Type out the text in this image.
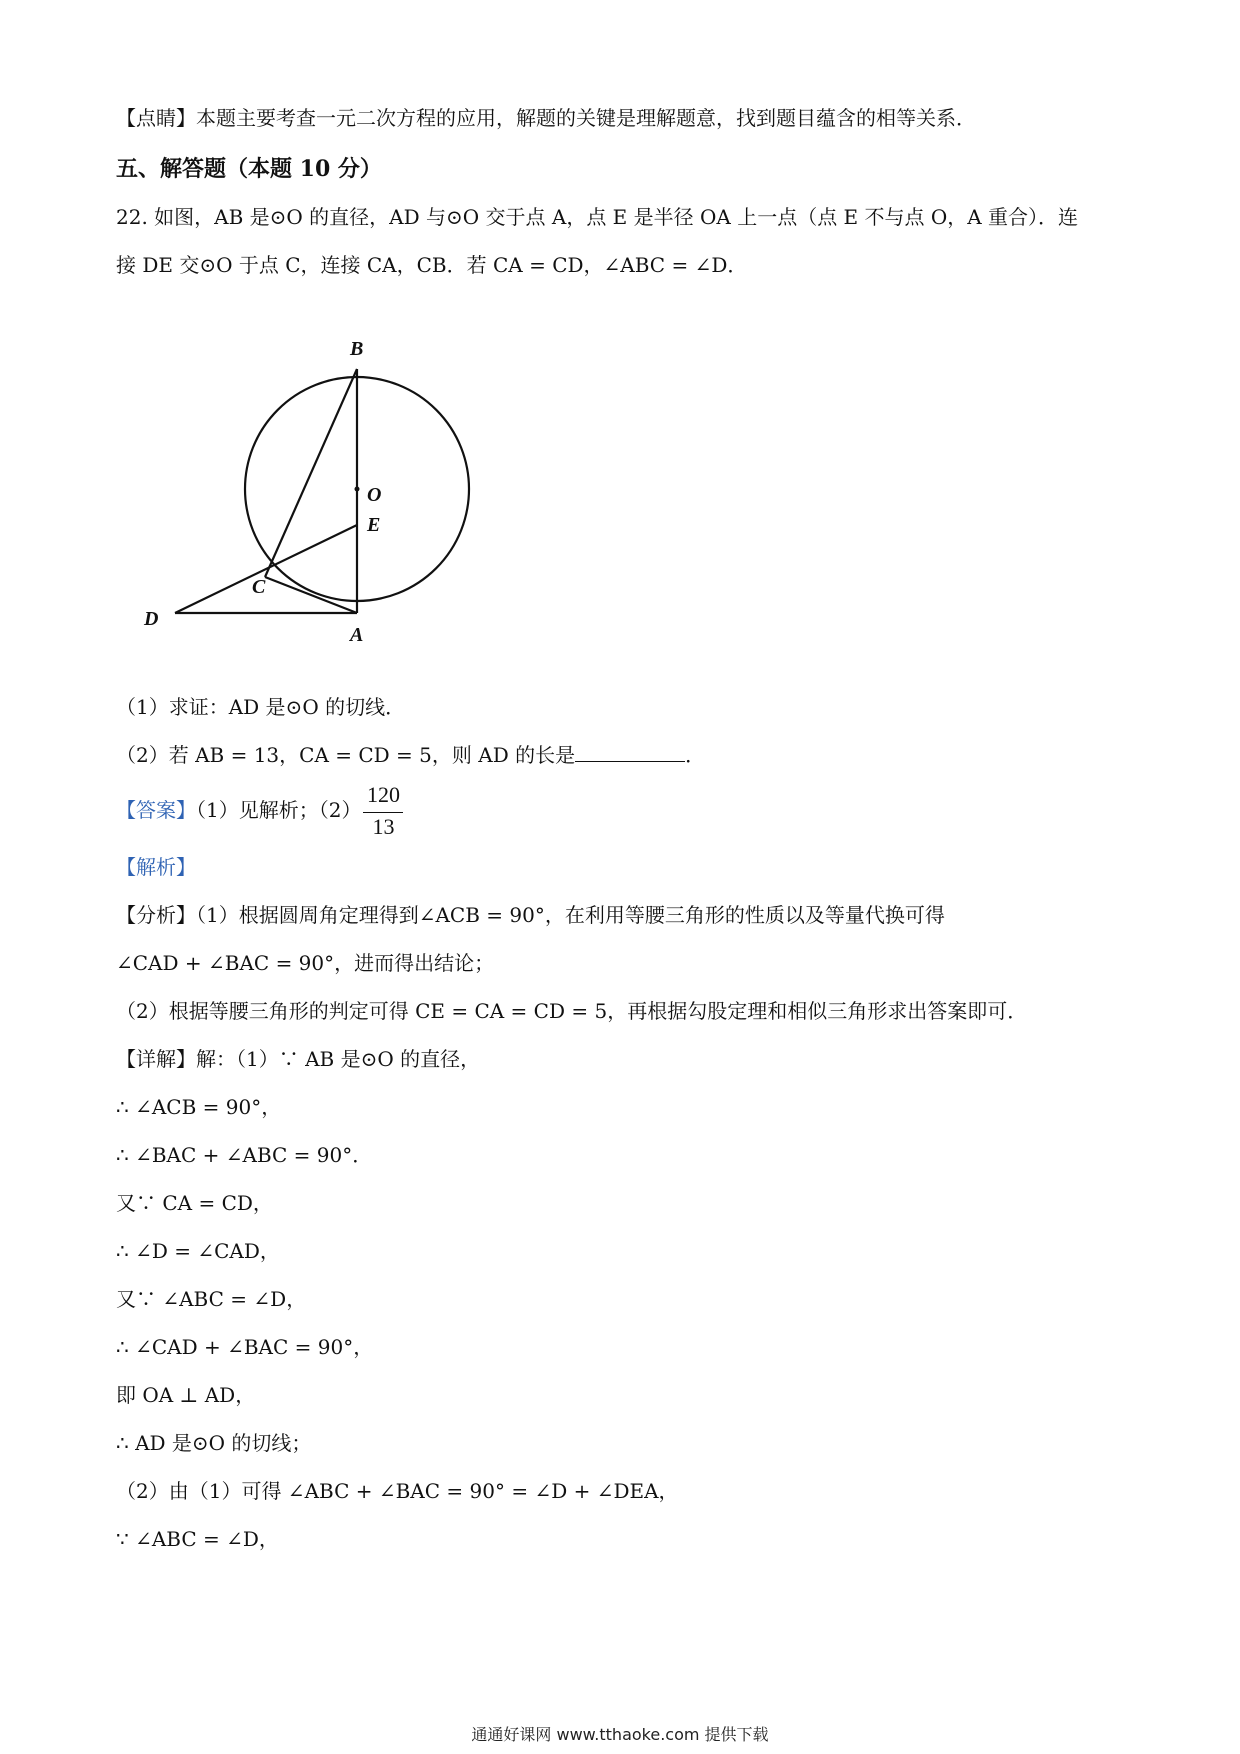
【点睛】本题主要考查一元二次方程的应用，解题的关键是理解题意，找到题目蕴含的相等关系．
五、解答题（本题 10 分）
22. 如图，AB 是⊙O 的直径，AD 与⊙O 交于点 A，点 E 是半径 OA 上一点（点 E 不与点 O，A 重合）．连
接 DE 交⊙O 于点 C，连接 CA，CB．若 CA = CD，∠ABC = ∠D．
B
O
E
C
D
A
（1）求证：AD 是⊙O 的切线．
（2）若 AB = 13，CA = CD = 5，则 AD 的长是	．
【答案】（1）见解析；$(2) \frac{120}{13}$
【解析】
【分析】（1）根据圆周角定理得到∠ACB = 90°，在利用等腰三角形的性质以及等量代换可得
∠CAD + ∠BAC = 90°，进而得出结论；
（2）根据等腰三角形的判定可得 CE = CA = CD = 5，再根据勾股定理和相似三角形求出答案即可．
【详解】解：（1）∵ AB 是⊙O 的直径，
∴ ∠ACB = 90°，
∴ ∠BAC + ∠ABC = 90°．
又∵ CA = CD，
∴ ∠D = ∠CAD，
又∵ ∠ABC = ∠D，
∴ ∠CAD + ∠BAC = 90°，
即 OA ⊥ AD，
∴ AD 是⊙O 的切线；
（2）由（1）可得 ∠ABC + ∠BAC = 90° = ∠D + ∠DEA，
∵ ∠ABC = ∠D，
通通好课网 www.tthaoke.com 提供下载
